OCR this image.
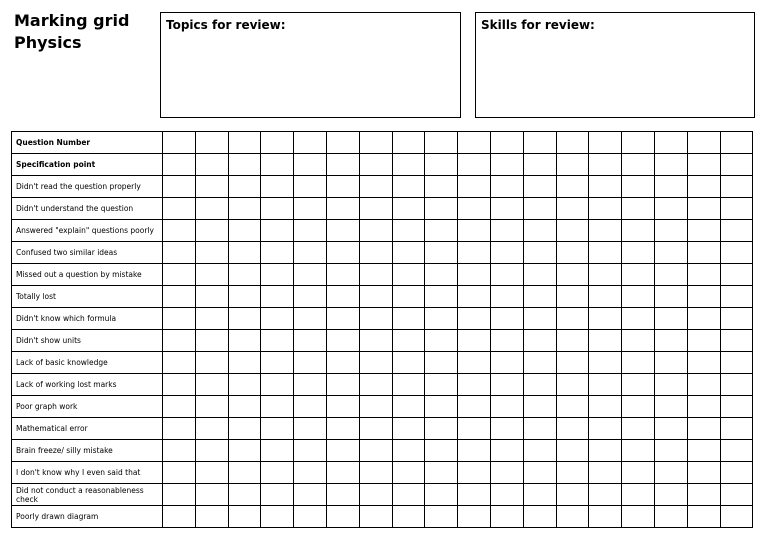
Marking grid
Physics
Topics for review:	Skills for review:
Question Number																		
Specification point																		
Didn't read the question properly																		
Didn't understand the question																		
Answered "explain" questions poorly																		
Confused two similar ideas																		
Missed out a question by mistake																		
Totally lost																		
Didn't know which formula																		
Didn't show units																		
Lack of basic knowledge																		
Lack of working lost marks																		
Poor graph work																		
Mathematical error																		
Brain freeze/ silly mistake																		
I don't know why I even said that																		
Did not conduct a reasonableness check																		
Poorly drawn diagram																		
